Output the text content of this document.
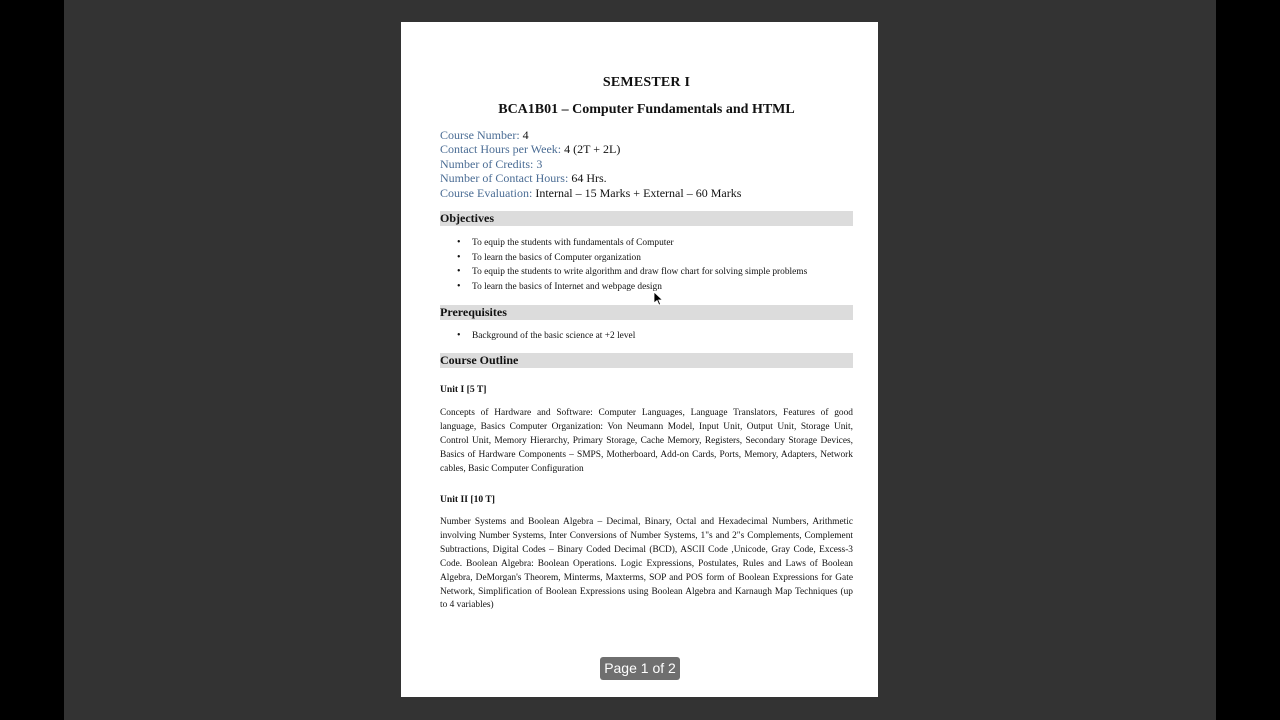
SEMESTER I
BCA1B01 – Computer Fundamentals and HTML
Course Number: 4
Contact Hours per Week: 4 (2T + 2L)
Number of Credits: 3
Number of Contact Hours: 64 Hrs.
Course Evaluation: Internal – 15 Marks + External – 60 Marks
Objectives
• To equip the students with fundamentals of Computer
• To learn the basics of Computer organization
• To equip the students to write algorithm and draw flow chart for solving simple problems
• To learn the basics of Internet and webpage design
Prerequisites
• Background of the basic science at +2 level
Course Outline
Unit I [5 T]
Concepts of Hardware and Software: Computer Languages, Language Translators, Features of good language, Basics Computer Organization: Von Neumann Model, Input Unit, Output Unit, Storage Unit, Control Unit, Memory Hierarchy, Primary Storage, Cache Memory, Registers, Secondary Storage Devices, Basics of Hardware Components – SMPS, Motherboard, Add-on Cards, Ports, Memory, Adapters, Network cables, Basic Computer Configuration
Unit II [10 T]
Number Systems and Boolean Algebra – Decimal, Binary, Octal and Hexadecimal Numbers, Arithmetic involving Number Systems, Inter Conversions of Number Systems, 1"s and 2"s Complements, Complement Subtractions, Digital Codes – Binary Coded Decimal (BCD), ASCII Code ,Unicode, Gray Code, Excess-3 Code. Boolean Algebra: Boolean Operations. Logic Expressions, Postulates, Rules and Laws of Boolean Algebra, DeMorgan's Theorem, Minterms, Maxterms, SOP and POS form of Boolean Expressions for Gate Network, Simplification of Boolean Expressions using Boolean Algebra and Karnaugh Map Techniques (up to 4 variables)
Page 1 of 2
